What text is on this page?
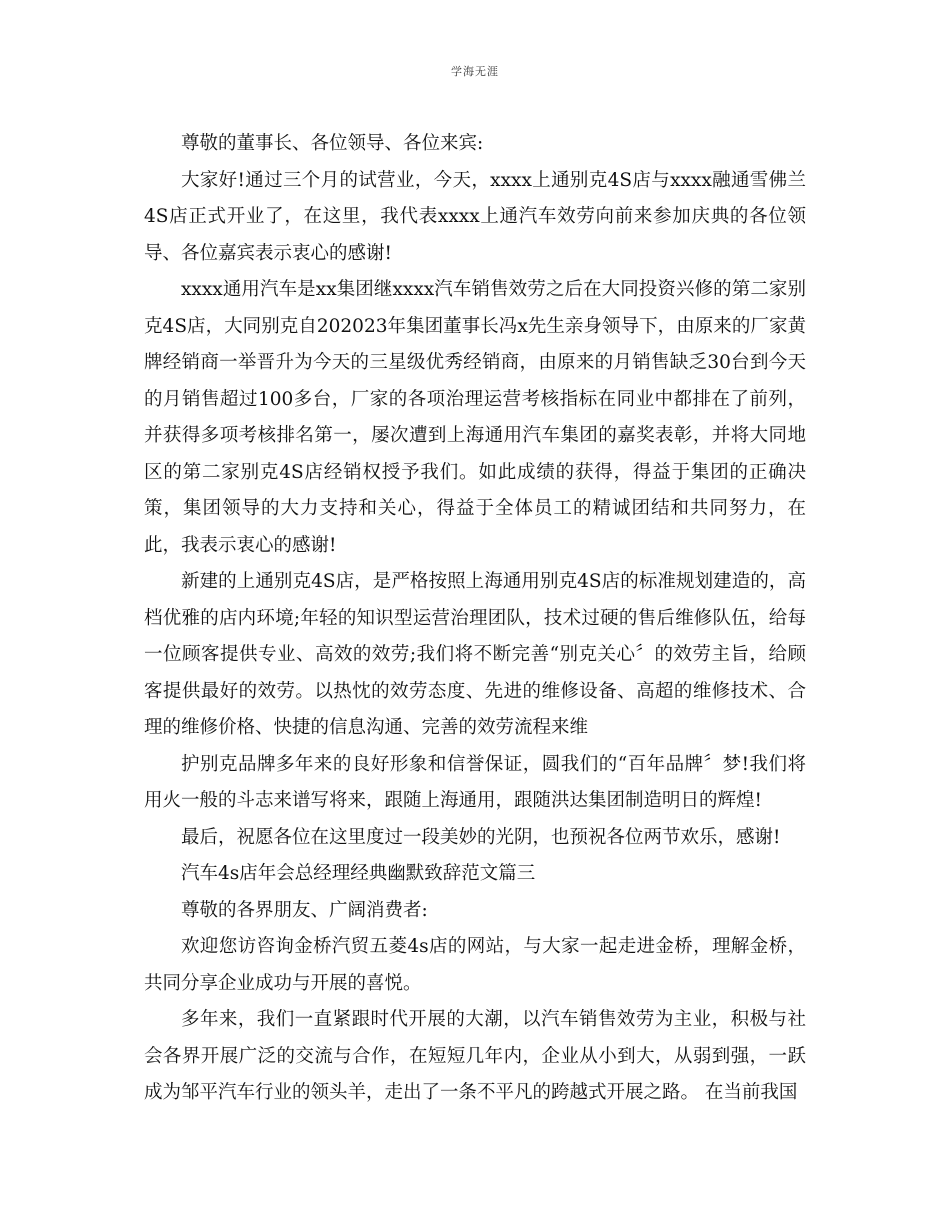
学海无涯

尊敬的董事长、各位领导、各位来宾:

大家好!通过三个月的试营业，今天，xxxx上通别克4S店与xxxx融通雪佛兰4S店正式开业了，在这里，我代表xxxx上通汽车效劳向前来参加庆典的各位领导、各位嘉宾表示衷心的感谢!

xxxx通用汽车是xx集团继xxxx汽车销售效劳之后在大同投资兴修的第二家别克4S店，大同别克自202023年集团董事长冯x先生亲身领导下，由原来的厂家黄牌经销商一举晋升为今天的三星级优秀经销商，由原来的月销售缺乏30台到今天的月销售超过100多台，厂家的各项治理运营考核指标在同业中都排在了前列，并获得多项考核排名第一，屡次遭到上海通用汽车集团的嘉奖表彰，并将大同地区的第二家别克4S店经销权授予我们。如此成绩的获得，得益于集团的正确决策，集团领导的大力支持和关心，得益于全体员工的精诚团结和共同努力，在此，我表示衷心的感谢!

新建的上通别克4S店，是严格按照上海通用别克4S店的标准规划建造的，高档优雅的店内环境;年轻的知识型运营治理团队，技术过硬的售后维修队伍，给每一位顾客提供专业、高效的效劳;我们将不断完善“别克关心〞的效劳主旨，给顾客提供最好的效劳。以热忱的效劳态度、先进的维修设备、高超的维修技术、合理的维修价格、快捷的信息沟通、完善的效劳流程来维

护别克品牌多年来的良好形象和信誉保证，圆我们的“百年品牌〞梦!我们将用火一般的斗志来谱写将来，跟随上海通用，跟随洪达集团制造明日的辉煌!

最后，祝愿各位在这里度过一段美妙的光阴，也预祝各位两节欢乐，感谢!

汽车4s店年会总经理经典幽默致辞范文篇三

尊敬的各界朋友、广阔消费者:

欢迎您访咨询金桥汽贸五菱4s店的网站，与大家一起走进金桥，理解金桥，共同分享企业成功与开展的喜悦。

多年来，我们一直紧跟时代开展的大潮，以汽车销售效劳为主业，积极与社会各界开展广泛的交流与合作，在短短几年内，企业从小到大，从弱到强，一跃成为邹平汽车行业的领头羊，走出了一条不平凡的跨越式开展之路。 在当前我国
